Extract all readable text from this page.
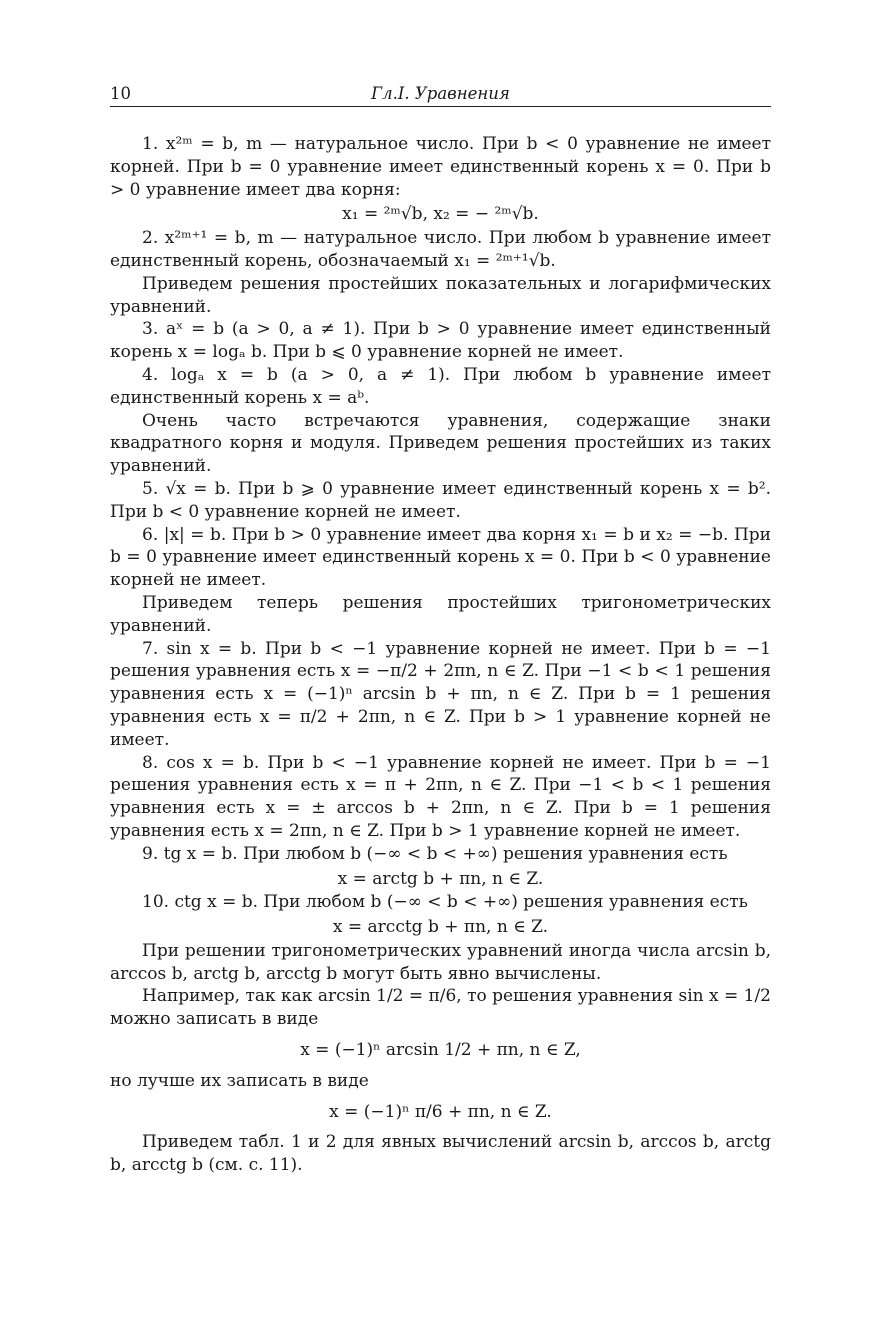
10	Гл.I. Уравнения

1. x²ᵐ = b, m — натуральное число. При b < 0 уравнение не имеет корней. При b = 0 уравнение имеет единственный корень x = 0. При b > 0 уравнение имеет два корня:

x₁ = ²ᵐ√b, x₂ = − ²ᵐ√b.

2. x²ᵐ⁺¹ = b, m — натуральное число. При любом b уравнение имеет единственный корень, обозначаемый x₁ = ²ᵐ⁺¹√b.

Приведем решения простейших показательных и логарифмических уравнений.

3. aˣ = b (a > 0, a ≠ 1). При b > 0 уравнение имеет единственный корень x = logₐ b. При b ⩽ 0 уравнение корней не имеет.

4. logₐ x = b (a > 0, a ≠ 1). При любом b уравнение имеет единственный корень x = aᵇ.

Очень часто встречаются уравнения, содержащие знаки квадратного корня и модуля. Приведем решения простейших из таких уравнений.

5. √x = b. При b ⩾ 0 уравнение имеет единственный корень x = b². При b < 0 уравнение корней не имеет.

6. |x| = b. При b > 0 уравнение имеет два корня x₁ = b и x₂ = −b. При b = 0 уравнение имеет единственный корень x = 0. При b < 0 уравнение корней не имеет.

Приведем теперь решения простейших тригонометрических уравнений.

7. sin x = b. При b < −1 уравнение корней не имеет. При b = −1 решения уравнения есть x = −π/2 + 2πn, n ∈ Z. При −1 < b < 1 решения уравнения есть x = (−1)ⁿ arcsin b + πn, n ∈ Z. При b = 1 решения уравнения есть x = π/2 + 2πn, n ∈ Z. При b > 1 уравнение корней не имеет.

8. cos x = b. При b < −1 уравнение корней не имеет. При b = −1 решения уравнения есть x = π + 2πn, n ∈ Z. При −1 < b < 1 решения уравнения есть x = ± arccos b + 2πn, n ∈ Z. При b = 1 решения уравнения есть x = 2πn, n ∈ Z. При b > 1 уравнение корней не имеет.

9. tg x = b. При любом b (−∞ < b < +∞) решения уравнения есть

x = arctg b + πn, n ∈ Z.

10. ctg x = b. При любом b (−∞ < b < +∞) решения уравнения есть

x = arcctg b + πn, n ∈ Z.

При решении тригонометрических уравнений иногда числа arcsin b, arccos b, arctg b, arcctg b могут быть явно вычислены.

Например, так как arcsin 1/2 = π/6, то решения уравнения sin x = 1/2 можно записать в виде

x = (−1)ⁿ arcsin 1/2 + πn, n ∈ Z,

но лучше их записать в виде

x = (−1)ⁿ π/6 + πn, n ∈ Z.

Приведем табл. 1 и 2 для явных вычислений arcsin b, arccos b, arctg b, arcctg b (см. с. 11).
